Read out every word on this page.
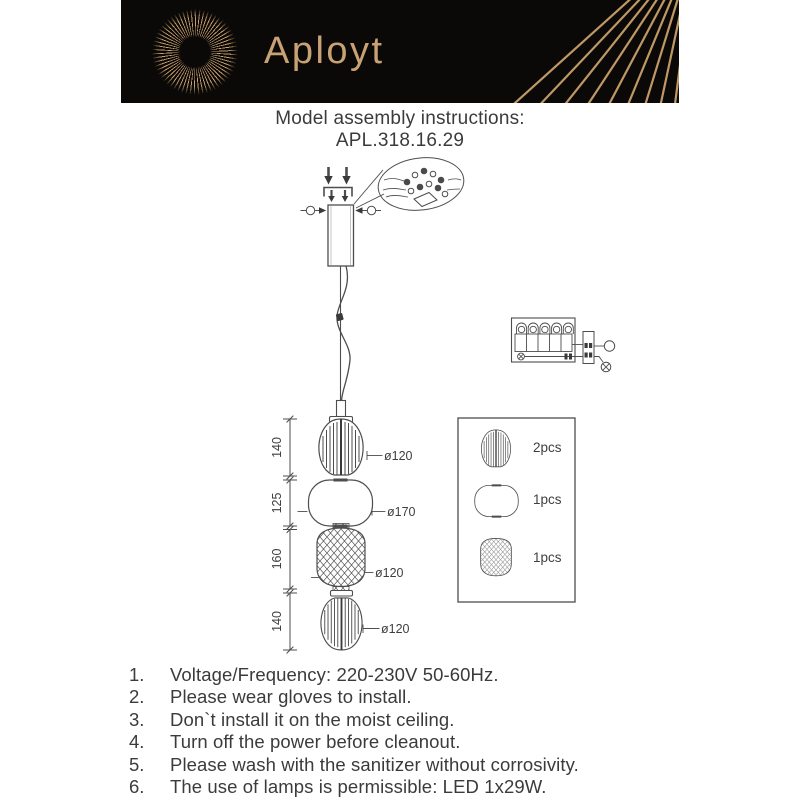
Aployt
Model assembly instructions:
APL.318.16.29
140
125
160
140
ø120
ø170
ø120
ø120
2pcs
1pcs
1pcs
1. Voltage/Frequency: 220-230V 50-60Hz.
2. Please wear gloves to install.
3. Don`t install it on the moist ceiling.
4. Turn off the power before cleanout.
5. Please wash with the sanitizer without corrosivity.
6. The use of lamps is permissible: LED 1x29W.
